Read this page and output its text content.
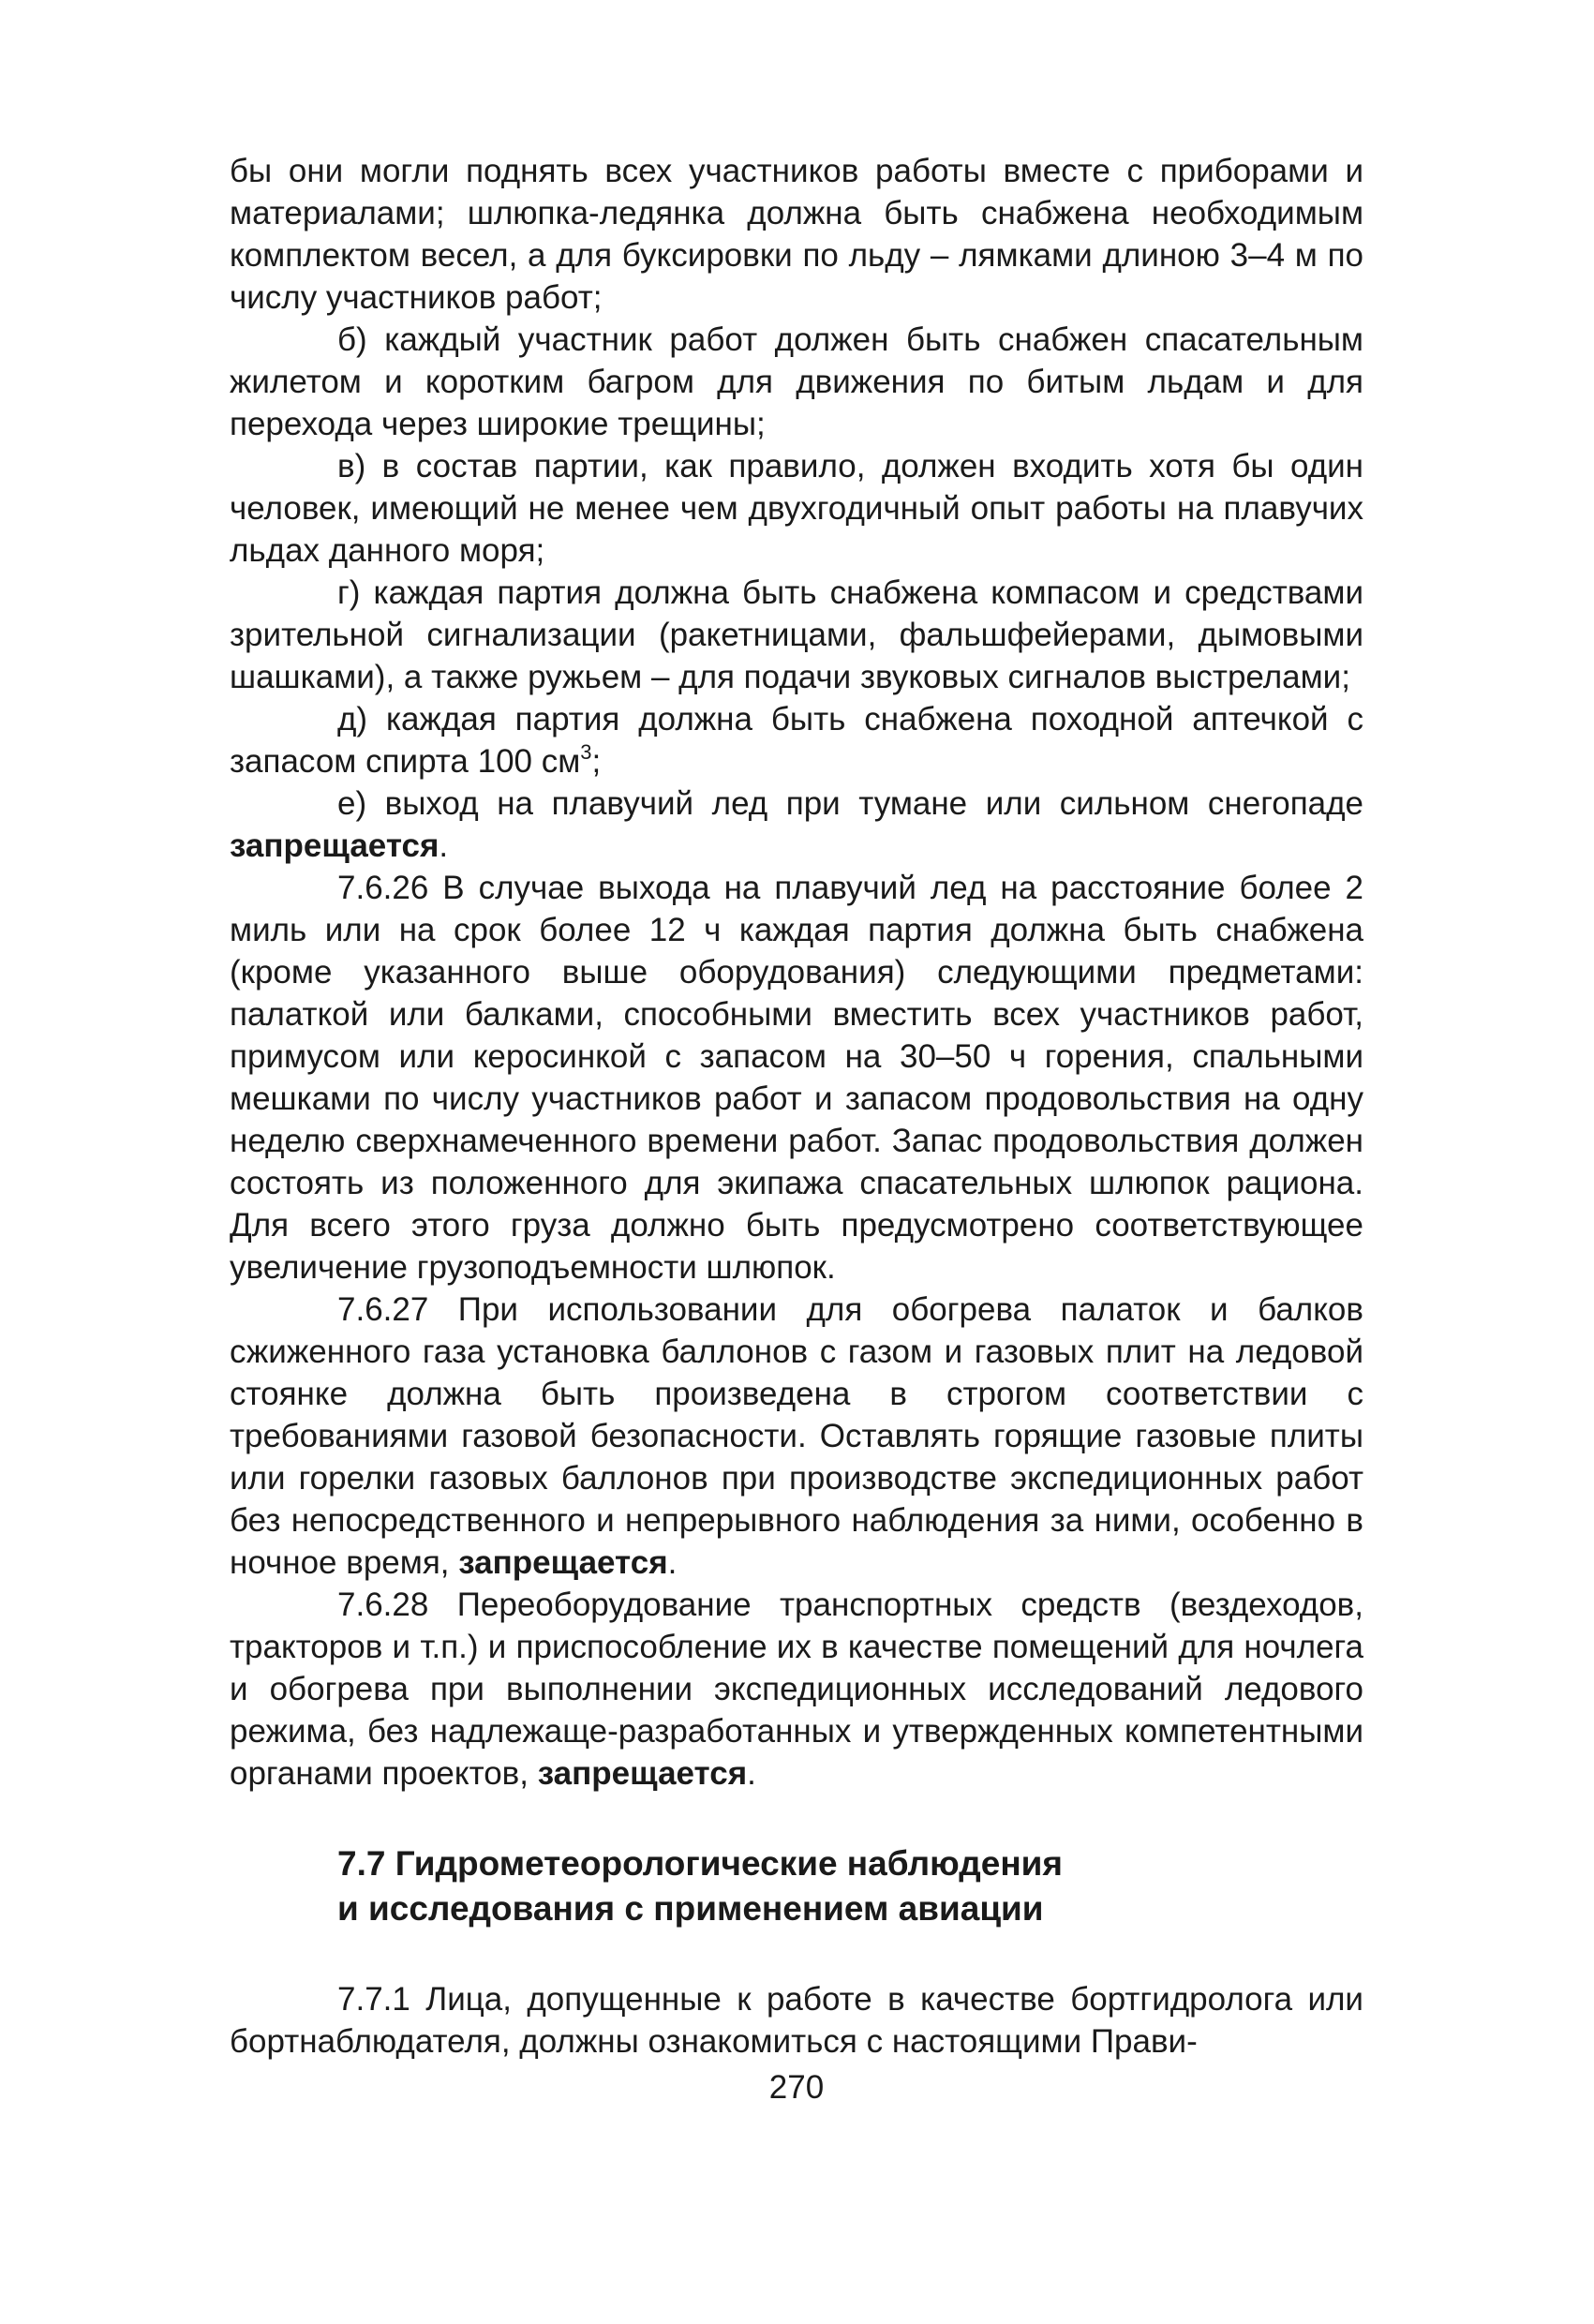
бы они могли поднять всех участников работы вместе с приборами и материалами; шлюпка-ледянка должна быть снабжена необходимым комплектом весел, а для буксировки по льду – лямками длиною 3–4 м по числу участников работ;

б) каждый участник работ должен быть снабжен спасательным жилетом и коротким багром для движения по битым льдам и для перехода через широкие трещины;

в) в состав партии, как правило, должен входить хотя бы один человек, имеющий не менее чем двухгодичный опыт работы на плавучих льдах данного моря;

г) каждая партия должна быть снабжена компасом и средствами зрительной сигнализации (ракетницами, фальшфейерами, дымовыми шашками), а также ружьем – для подачи звуковых сигналов выстрелами;

д) каждая партия должна быть снабжена походной аптечкой с запасом спирта 100 $см^3$;

е) выход на плавучий лед при тумане или сильном снегопаде запрещается.

7.6.26 В случае выхода на плавучий лед на расстояние более 2 миль или на срок более 12 ч каждая партия должна быть снабжена (кроме указанного выше оборудования) следующими предметами: палаткой или балками, способными вместить всех участников работ, примусом или керосинкой с запасом на 30–50 ч горения, спальными мешками по числу участников работ и запасом продовольствия на одну неделю сверхнамеченного времени работ. Запас продовольствия должен состоять из положенного для экипажа спасательных шлюпок рациона. Для всего этого груза должно быть предусмотрено соответствующее увеличение грузоподъемности шлюпок.

7.6.27 При использовании для обогрева палаток и балков сжиженного газа установка баллонов с газом и газовых плит на ледовой стоянке должна быть произведена в строгом соответствии с требованиями газовой безопасности. Оставлять горящие газовые плиты или горелки газовых баллонов при производстве экспедиционных работ без непосредственного и непрерывного наблюдения за ними, особенно в ночное время, запрещается.

7.6.28 Переоборудование транспортных средств (вездеходов, тракторов и т.п.) и приспособление их в качестве помещений для ночлега и обогрева при выполнении экспедиционных исследований ледового режима, без надлежаще-разработанных и утвержденных компетентными органами проектов, запрещается.

7.7 Гидрометеорологические наблюдения
и исследования с применением авиации

7.7.1 Лица, допущенные к работе в качестве бортгидролога или бортнаблюдателя, должны ознакомиться с настоящими Прави-

270
